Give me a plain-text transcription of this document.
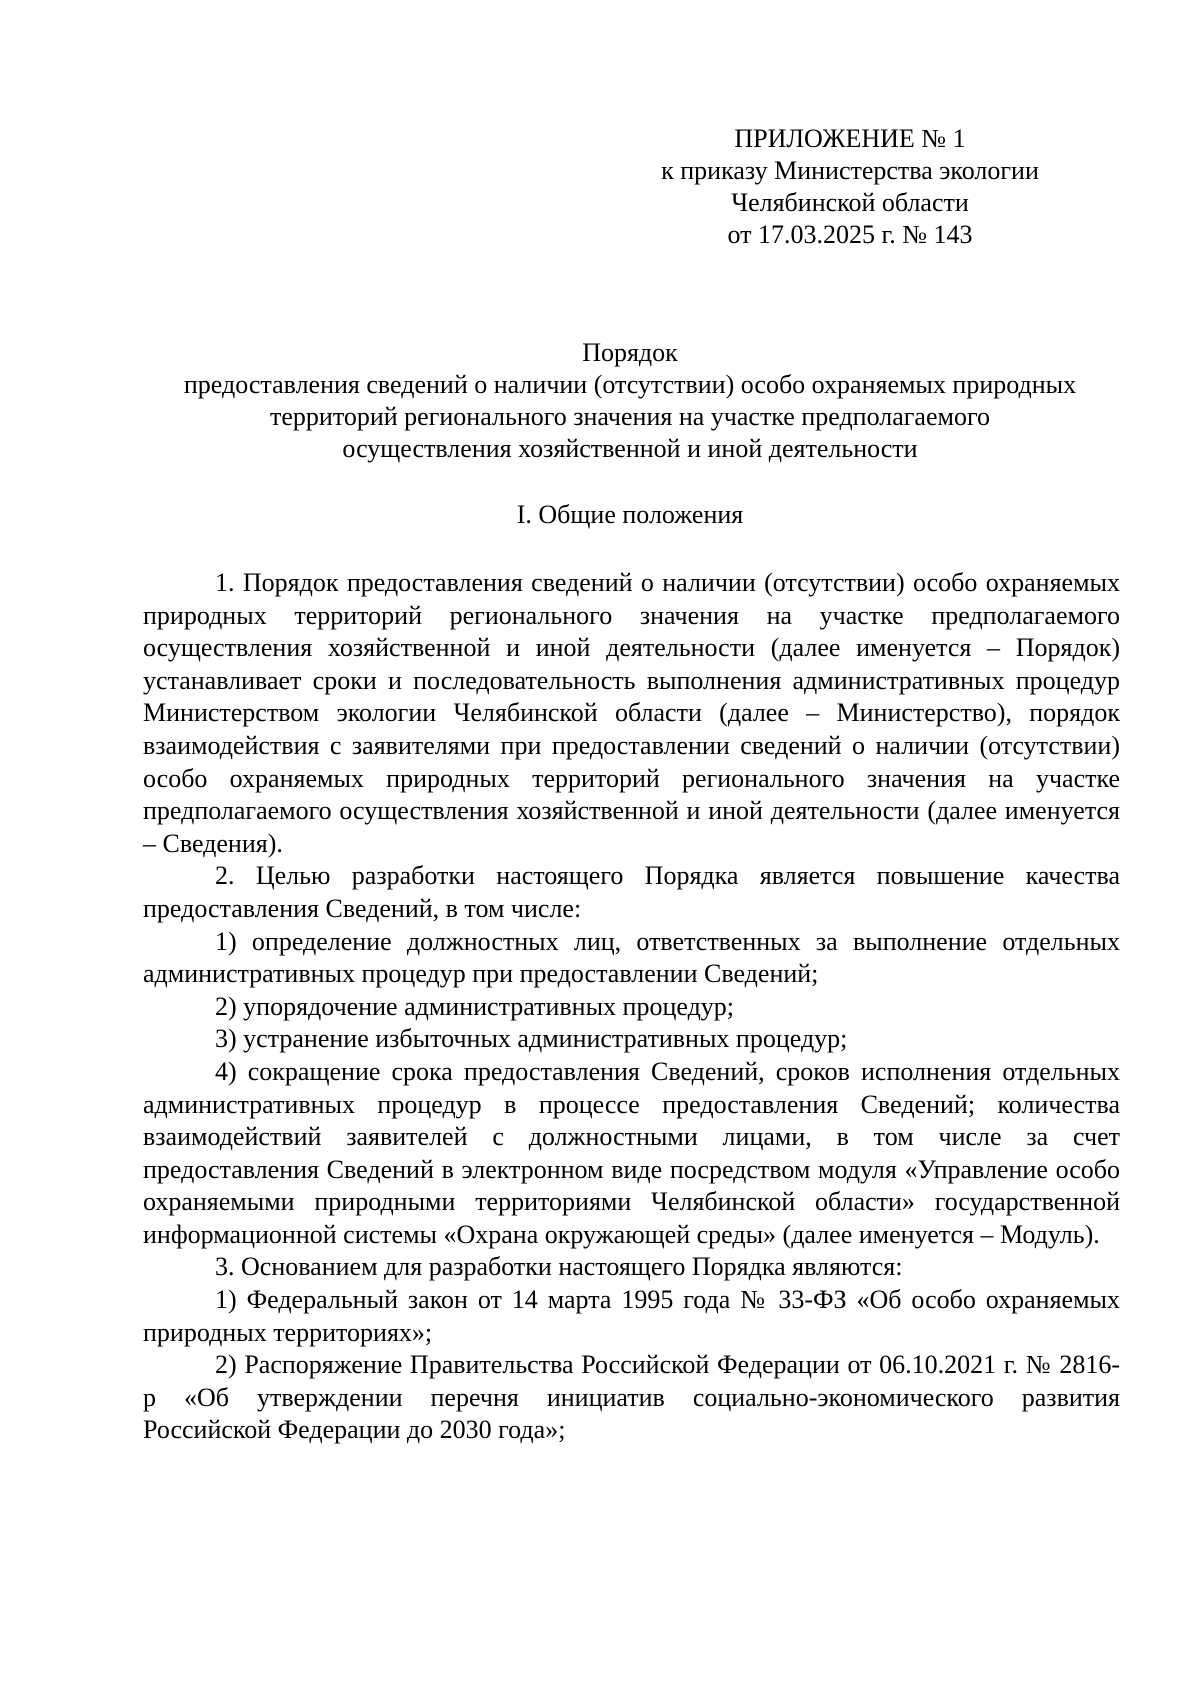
ПРИЛОЖЕНИЕ № 1
к приказу Министерства экологии
Челябинской области
от 17.03.2025 г. № 143
Порядок
предоставления сведений о наличии (отсутствии) особо охраняемых природных
территорий регионального значения на участке предполагаемого
осуществления хозяйственной и иной деятельности
I. Общие положения

1. Порядок предоставления сведений о наличии (отсутствии) особо охраняемых природных территорий регионального значения на участке предполагаемого осуществления хозяйственной и иной деятельности (далее именуется – Порядок) устанавливает сроки и последовательность выполнения административных процедур Министерством экологии Челябинской области (далее – Министерство), порядок взаимодействия с заявителями при предоставлении сведений о наличии (отсутствии) особо охраняемых природных территорий регионального значения на участке предполагаемого осуществления хозяйственной и иной деятельности (далее именуется – Сведения).

2. Целью разработки настоящего Порядка является повышение качества предоставления Сведений, в том числе:

1) определение должностных лиц, ответственных за выполнение отдельных административных процедур при предоставлении Сведений;

2) упорядочение административных процедур;

3) устранение избыточных административных процедур;

4) сокращение срока предоставления Сведений, сроков исполнения отдельных административных процедур в процессе предоставления Сведений; количества взаимодействий заявителей с должностными лицами, в том числе за счет предоставления Сведений в электронном виде посредством модуля «Управление особо охраняемыми природными территориями Челябинской области» государственной информационной системы «Охрана окружающей среды» (далее именуется – Модуль).

3. Основанием для разработки настоящего Порядка являются:

1) Федеральный закон от 14 марта 1995 года № 33-ФЗ «Об особо охраняемых природных территориях»;

2) Распоряжение Правительства Российской Федерации от 06.10.2021 г. № 2816-р «Об утверждении перечня инициатив социально-экономического развития Российской Федерации до 2030 года»;
